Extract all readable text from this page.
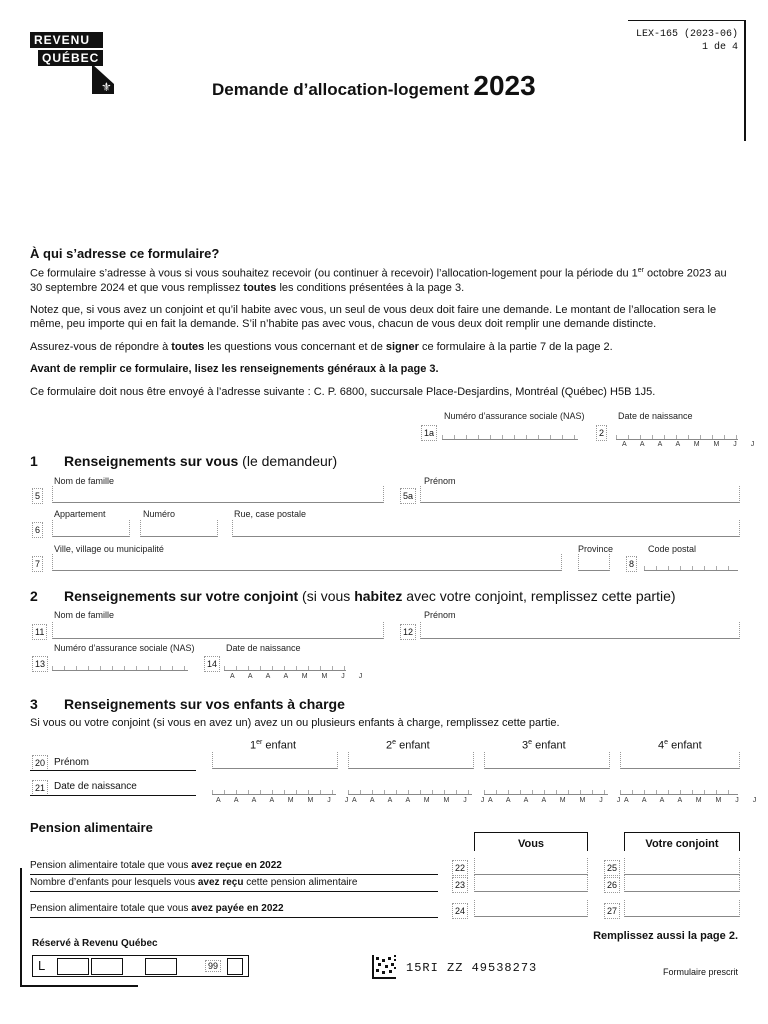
REVENU
QUÉBEC
⚜
LEX-165 (2023-06)
1 de 4
Demande d’allocation-logement 2023
À qui s’adresse ce formulaire?
Ce formulaire s’adresse à vous si vous souhaitez recevoir (ou continuer à recevoir) l’allocation-logement pour la période du 1er octobre 2023 au 30 septembre 2024 et que vous remplissez toutes les conditions présentées à la page 3.
Notez que, si vous avez un conjoint et qu’il habite avec vous, un seul de vous deux doit faire une demande. Le montant de l’allocation sera le même, peu importe qui en fait la demande. S’il n’habite pas avec vous, chacun de vous deux doit remplir une demande distincte.
Assurez-vous de répondre à toutes les questions vous concernant et de signer ce formulaire à la partie 7 de la page 2.
Avant de remplir ce formulaire, lisez les renseignements généraux à la page 3.
Ce formulaire doit nous être envoyé à l’adresse suivante : C. P. 6800, succursale Place-Desjardins, Montréal (Québec) H5B 1J5.
Numéro d’assurance sociale (NAS)
1a
Date de naissance
2
A A A A M M J J
1 Renseignements sur vous (le demandeur)
Nom de famille
5
Prénom
5a
Appartement	Numéro	Rue, case postale
6
Ville, village ou municipalité	Province	Code postal
7	8
2 Renseignements sur votre conjoint (si vous habitez avec votre conjoint, remplissez cette partie)
Nom de famille
11
Prénom
12
Numéro d’assurance sociale (NAS)
13
Date de naissance
14
A A A A M M J J
3 Renseignements sur vos enfants à charge
Si vous ou votre conjoint (si vous en avez un) avez un ou plusieurs enfants à charge, remplissez cette partie.
1er enfant	2e enfant	3e enfant	4e enfant
20 Prénom
21 Date de naissance
A A A A M M J J
A A A A M M J J
A A A A M M J J
A A A A M M J J
Pension alimentaire
Vous	Votre conjoint
Pension alimentaire totale que vous avez reçue en 2022	22	25
Nombre d’enfants pour lesquels vous avez reçu cette pension alimentaire	23	26
Pension alimentaire totale que vous avez payée en 2022	24	27
Réservé à Revenu Québec
L	99	15RI ZZ 49538273
Remplissez aussi la page 2.
Formulaire prescrit
